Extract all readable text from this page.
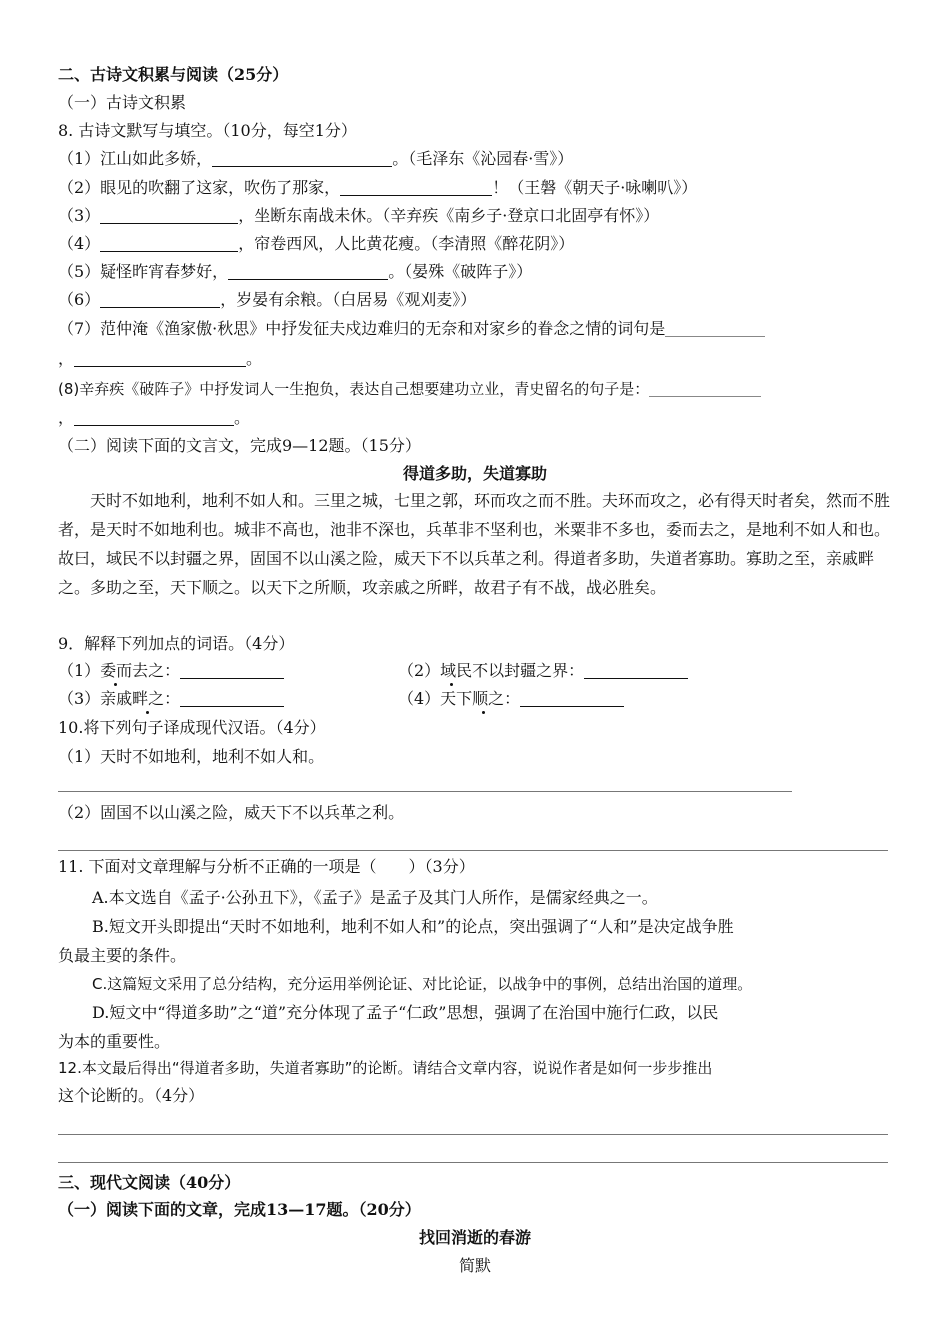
二、古诗文积累与阅读（25分）
（一）古诗文积累
8. 古诗文默写与填空。（10分，每空1分）
（1）江山如此多娇，	。（毛泽东《沁园春·雪》）
（2）眼见的吹翻了这家，吹伤了那家，	！（王磐《朝天子·咏喇叭》）
（3）	，坐断东南战未休。（辛弃疾《南乡子·登京口北固亭有怀》）
（4）	，帘卷西风，人比黄花瘦。（李清照《醉花阴》）
（5）疑怪昨宵春梦好，	。（晏殊《破阵子》）
（6）	，岁晏有余粮。（白居易《观刈麦》）
（7）范仲淹《渔家傲·秋思》中抒发征夫戍边难归的无奈和对家乡的眷念之情的词句是
，	。
(8)辛弃疾《破阵子》中抒发词人一生抱负，表达自己想要建功立业，青史留名的句子是：
，	。
（二）阅读下面的文言文，完成9—12题。（15分）
得道多助，失道寡助
天时不如地利，地利不如人和。三里之城，七里之郭，环而攻之而不胜。夫环而攻之，必有得天时者矣，然而不胜者，是天时不如地利也。城非不高也，池非不深也，兵革非不坚利也，米粟非不多也，委而去之，是地利不如人和也。故曰，域民不以封疆之界，固国不以山溪之险，威天下不以兵革之利。得道者多助，失道者寡助。寡助之至，亲戚畔之。多助之至，天下顺之。以天下之所顺，攻亲戚之所畔，故君子有不战，战必胜矣。
9．解释下列加点的词语。（4分）
（1）委而去之：	（2）域民不以封疆之界：
（3）亲戚畔之：	（4）天下顺之：
10.将下列句子译成现代汉语。（4分）
（1）天时不如地利，地利不如人和。
（2）固国不以山溪之险，威天下不以兵革之利。
11. 下面对文章理解与分析不正确的一项是（　　）（3分）
A.本文选自《孟子·公孙丑下》，《孟子》是孟子及其门人所作，是儒家经典之一。
B.短文开头即提出“天时不如地利，地利不如人和”的论点，突出强调了“人和”是决定战争胜
负最主要的条件。
C.这篇短文采用了总分结构，充分运用举例论证、对比论证，以战争中的事例，总结出治国的道理。
D.短文中“得道多助”之“道”充分体现了孟子“仁政”思想，强调了在治国中施行仁政，以民
为本的重要性。
12.本文最后得出“得道者多助，失道者寡助”的论断。请结合文章内容，说说作者是如何一步步推出
这个论断的。（4分）
三、现代文阅读（40分）
（一）阅读下面的文章，完成13—17题。（20分）
找回消逝的春游
简默
